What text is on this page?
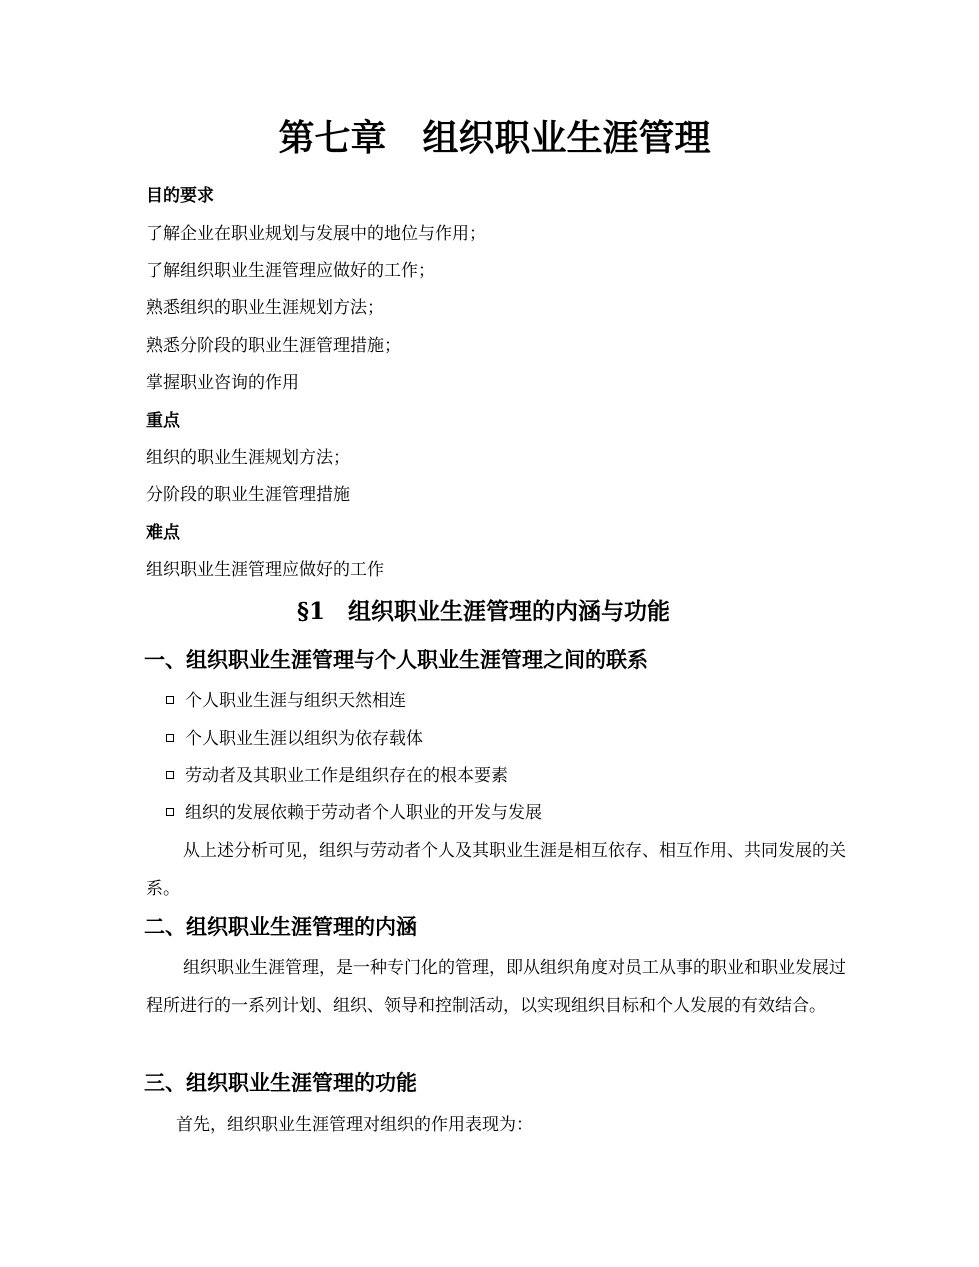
第七章　组织职业生涯管理
目的要求
了解企业在职业规划与发展中的地位与作用；
了解组织职业生涯管理应做好的工作；
熟悉组织的职业生涯规划方法；
熟悉分阶段的职业生涯管理措施；
掌握职业咨询的作用
重点
组织的职业生涯规划方法；
分阶段的职业生涯管理措施
难点
组织职业生涯管理应做好的工作
§1　组织职业生涯管理的内涵与功能
一、组织职业生涯管理与个人职业生涯管理之间的联系
个人职业生涯与组织天然相连
个人职业生涯以组织为依存载体
劳动者及其职业工作是组织存在的根本要素
组织的发展依赖于劳动者个人职业的开发与发展
从上述分析可见，组织与劳动者个人及其职业生涯是相互依存、相互作用、共同发展的关系。
二、组织职业生涯管理的内涵
组织职业生涯管理，是一种专门化的管理，即从组织角度对员工从事的职业和职业发展过程所进行的一系列计划、组织、领导和控制活动，以实现组织目标和个人发展的有效结合。
三、组织职业生涯管理的功能
首先，组织职业生涯管理对组织的作用表现为：
